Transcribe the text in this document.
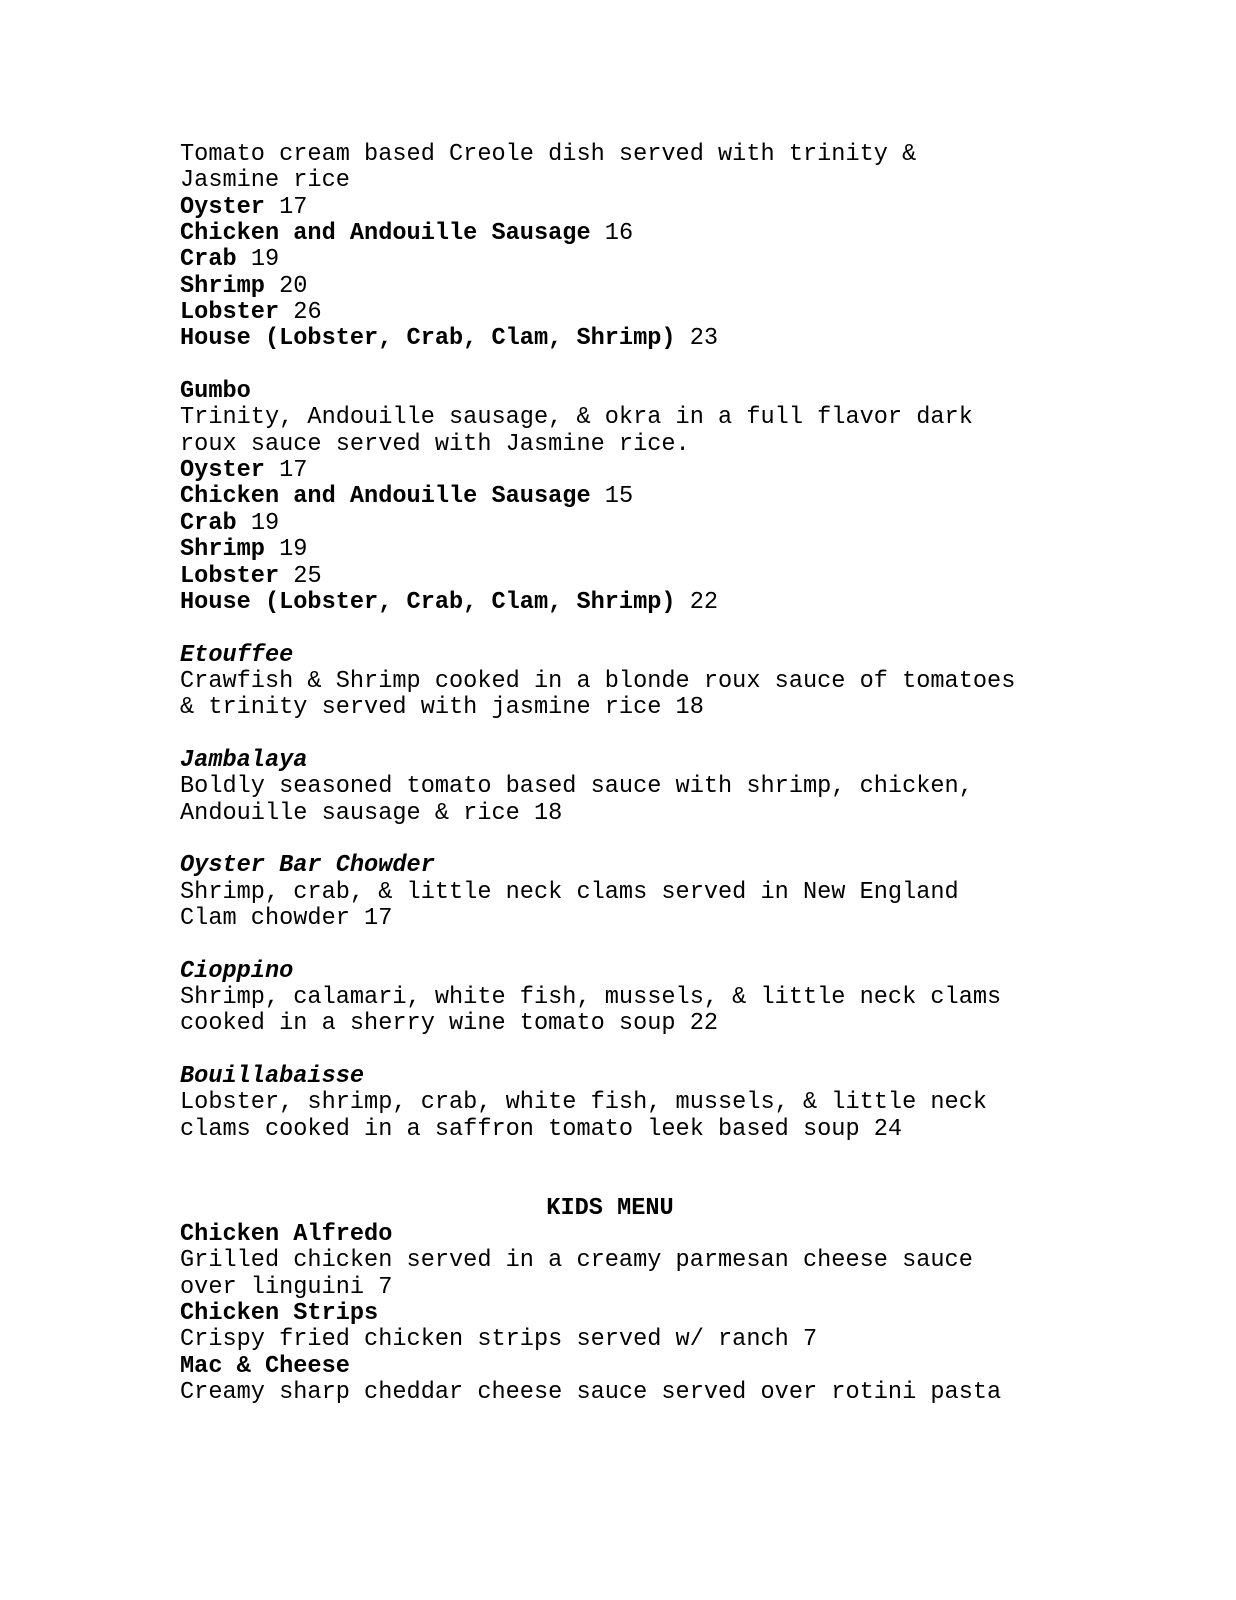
Tomato cream based Creole dish served with trinity &
Jasmine rice
Oyster 17
Chicken and Andouille Sausage 16
Crab 19
Shrimp 20
Lobster 26
House (Lobster, Crab, Clam, Shrimp) 23
Gumbo
Trinity, Andouille sausage, & okra in a full flavor dark
roux sauce served with Jasmine rice.
Oyster 17
Chicken and Andouille Sausage 15
Crab 19
Shrimp 19
Lobster 25
House (Lobster, Crab, Clam, Shrimp) 22
Etouffee
Crawfish & Shrimp cooked in a blonde roux sauce of tomatoes
& trinity served with jasmine rice 18
Jambalaya
Boldly seasoned tomato based sauce with shrimp, chicken,
Andouille sausage & rice 18
Oyster Bar Chowder
Shrimp, crab, & little neck clams served in New England
Clam chowder 17
Cioppino
Shrimp, calamari, white fish, mussels, & little neck clams
cooked in a sherry wine tomato soup 22
Bouillabaisse
Lobster, shrimp, crab, white fish, mussels, & little neck
clams cooked in a saffron tomato leek based soup 24
KIDS MENU
Chicken Alfredo
Grilled chicken served in a creamy parmesan cheese sauce
over linguini 7
Chicken Strips
Crispy fried chicken strips served w/ ranch 7
Mac & Cheese
Creamy sharp cheddar cheese sauce served over rotini pasta
